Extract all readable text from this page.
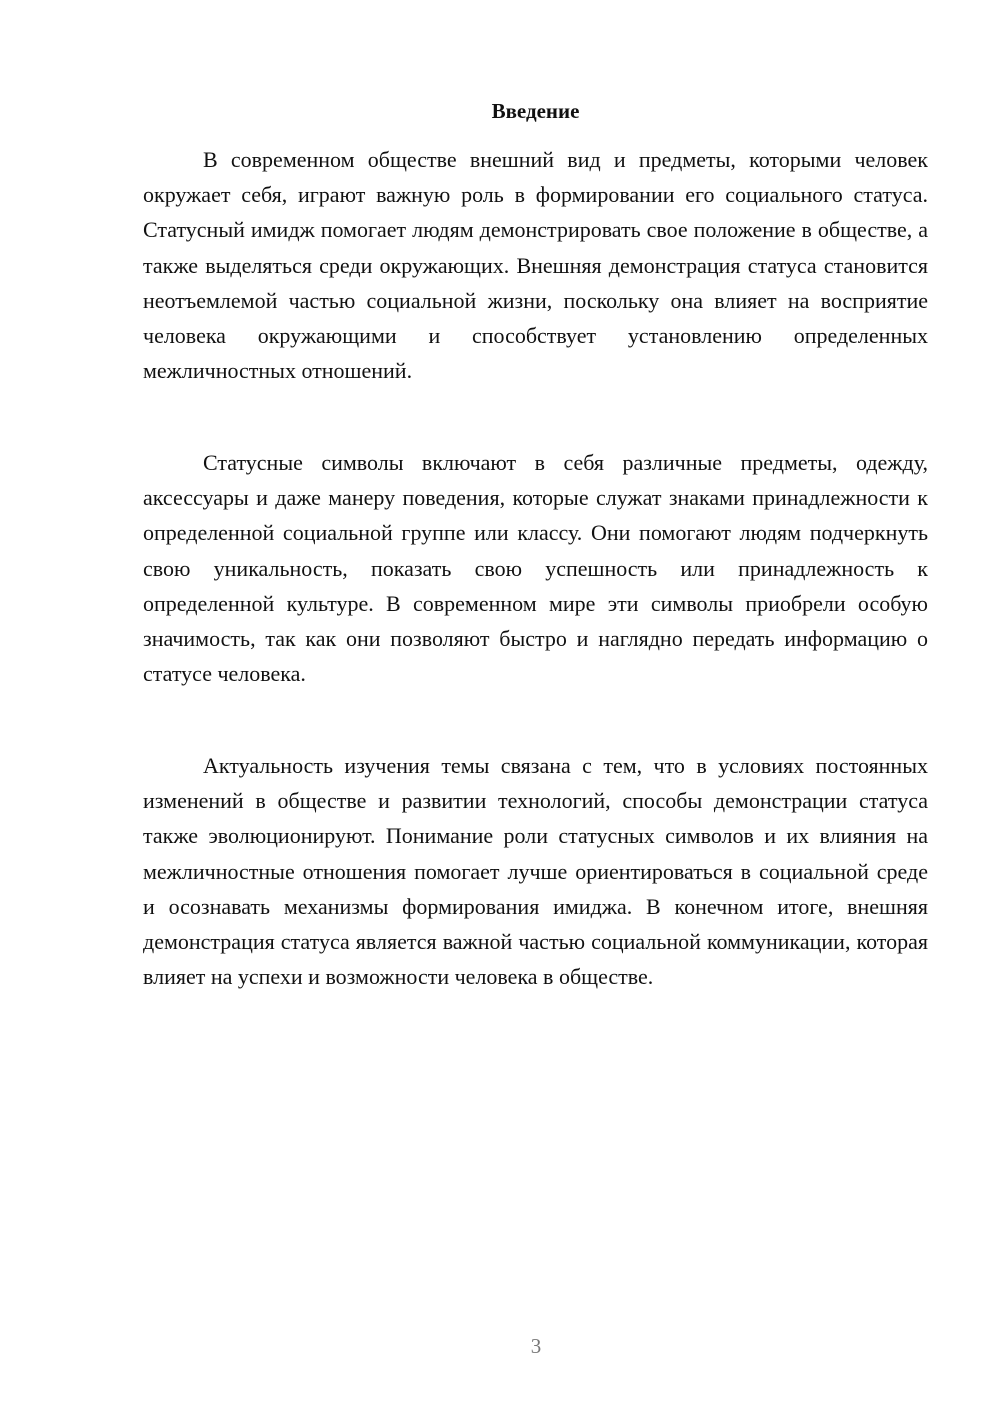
Введение

В современном обществе внешний вид и предметы, которыми человек окружает себя, играют важную роль в формировании его социального статуса. Статусный имидж помогает людям демонстрировать свое положение в обществе, а также выделяться среди окружающих. Внешняя демонстрация статуса становится неотъемлемой частью социальной жизни, поскольку она влияет на восприятие человека окружающими и способствует установлению определенных межличностных отношений.

Статусные символы включают в себя различные предметы, одежду, аксессуары и даже манеру поведения, которые служат знаками принадлежности к определенной социальной группе или классу. Они помогают людям подчеркнуть свою уникальность, показать свою успешность или принадлежность к определенной культуре. В современном мире эти символы приобрели особую значимость, так как они позволяют быстро и наглядно передать информацию о статусе человека.

Актуальность изучения темы связана с тем, что в условиях постоянных изменений в обществе и развитии технологий, способы демонстрации статуса также эволюционируют. Понимание роли статусных символов и их влияния на межличностные отношения помогает лучше ориентироваться в социальной среде и осознавать механизмы формирования имиджа. В конечном итоге, внешняя демонстрация статуса является важной частью социальной коммуникации, которая влияет на успехи и возможности человека в обществе.

3
